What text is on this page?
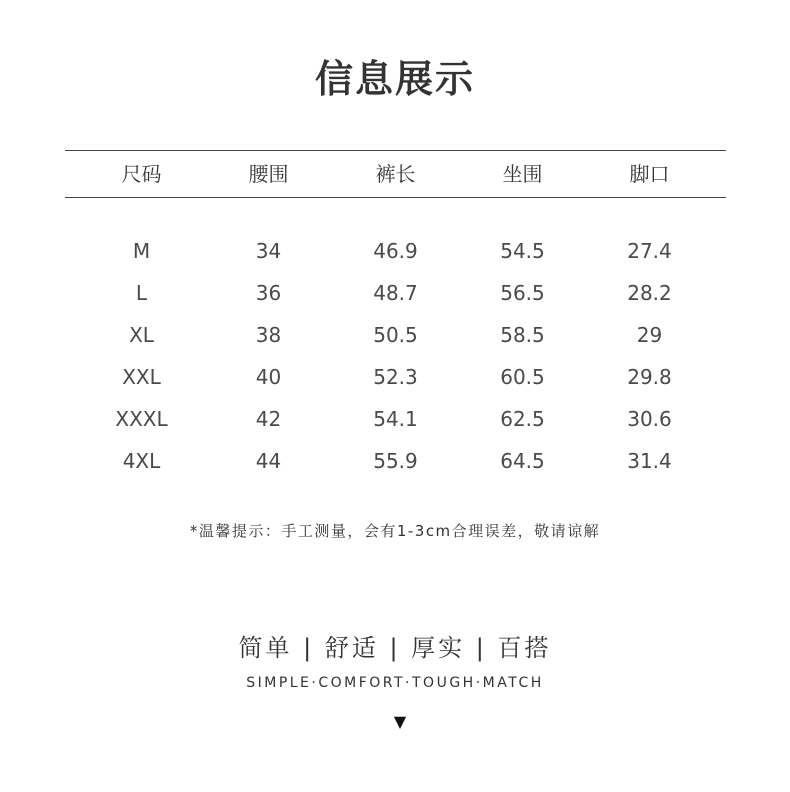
信息展示
尺码	腰围	裤长	坐围	脚口
M	34	46.9	54.5	27.4
L	36	48.7	56.5	28.2
XL	38	50.5	58.5	29
XXL	40	52.3	60.5	29.8
XXXL	42	54.1	62.5	30.6
4XL	44	55.9	64.5	31.4
*温馨提示：手工测量，会有1-3cm合理误差，敬请谅解
简单 | 舒适 | 厚实 | 百搭
SIMPLE·COMFORT·TOUGH·MATCH
▼
